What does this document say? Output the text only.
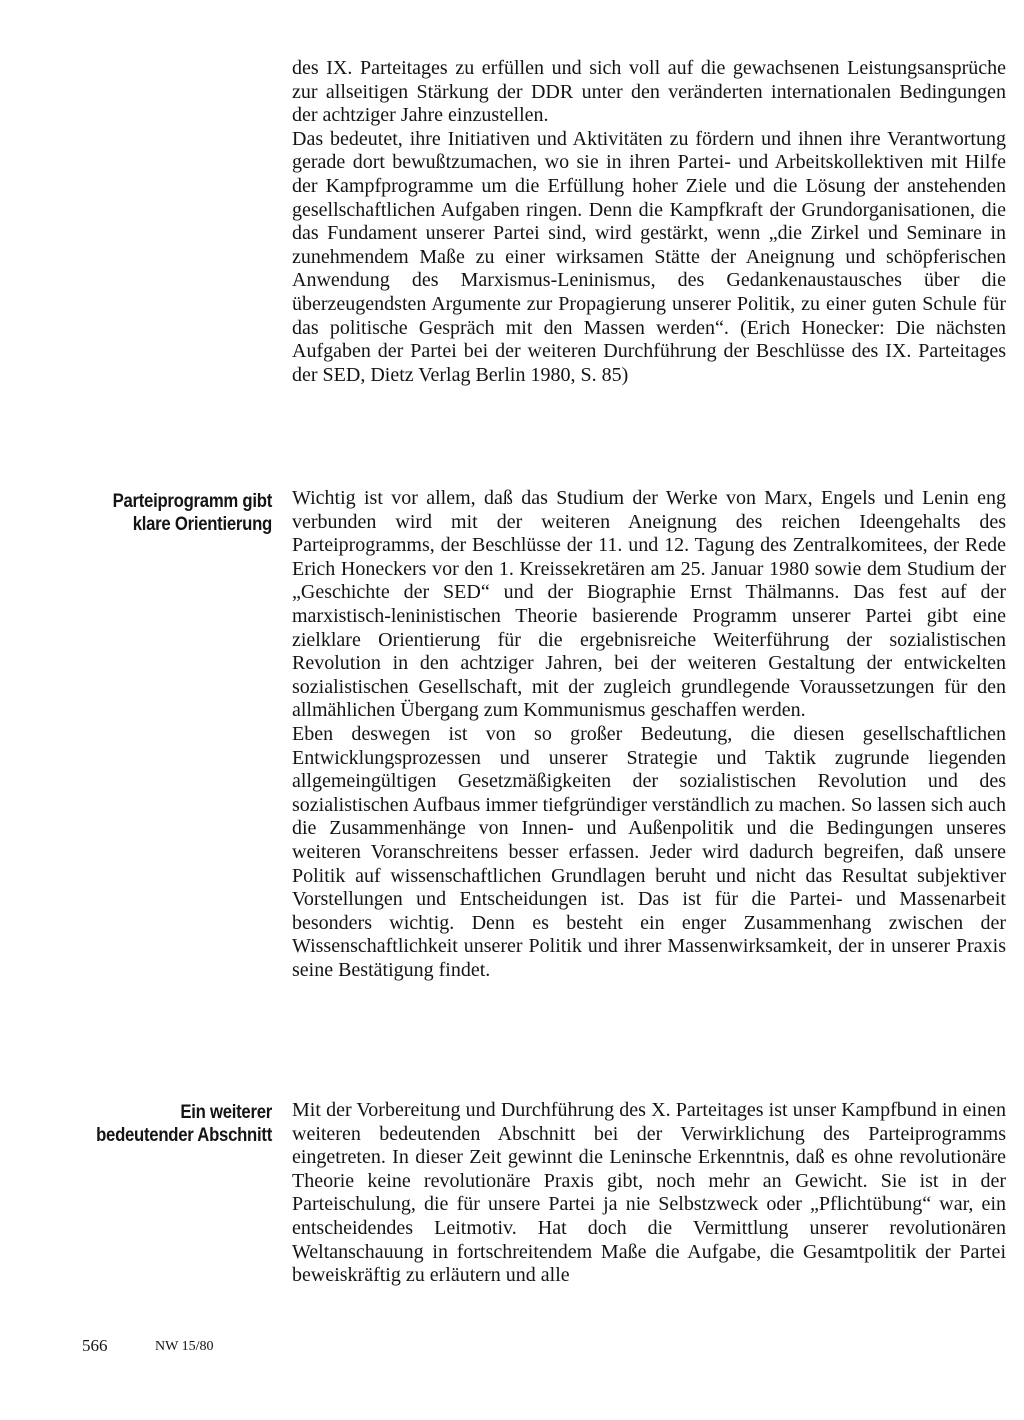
des IX. Parteitages zu erfüllen und sich voll auf die gewachsenen Leistungsansprüche zur allseitigen Stärkung der DDR unter den veränderten internationalen Bedingungen der achtziger Jahre einzustellen.

Das bedeutet, ihre Initiativen und Aktivitäten zu fördern und ihnen ihre Verantwortung gerade dort bewußtzumachen, wo sie in ihren Partei- und Arbeitskollektiven mit Hilfe der Kampfprogramme um die Erfüllung hoher Ziele und die Lösung der anstehenden gesellschaftlichen Aufgaben ringen. Denn die Kampfkraft der Grundorganisationen, die das Fundament unserer Partei sind, wird gestärkt, wenn „die Zirkel und Seminare in zunehmendem Maße zu einer wirksamen Stätte der Aneignung und schöpferischen Anwendung des Marxismus-Leninismus, des Gedankenaustausches über die überzeugendsten Argumente zur Propagierung unserer Politik, zu einer guten Schule für das politische Gespräch mit den Massen werden“. (Erich Honecker: Die nächsten Aufgaben der Partei bei der weiteren Durchführung der Beschlüsse des IX. Parteitages der SED, Dietz Verlag Berlin 1980, S. 85)

Parteiprogramm gibt klare Orientierung

Wichtig ist vor allem, daß das Studium der Werke von Marx, Engels und Lenin eng verbunden wird mit der weiteren Aneignung des reichen Ideengehalts des Parteiprogramms, der Beschlüsse der 11. und 12. Tagung des Zentralkomitees, der Rede Erich Honeckers vor den 1. Kreissekretären am 25. Januar 1980 sowie dem Studium der „Geschichte der SED“ und der Biographie Ernst Thälmanns. Das fest auf der marxistisch-leninistischen Theorie basierende Programm unserer Partei gibt eine zielklare Orientierung für die ergebnisreiche Weiterführung der sozialistischen Revolution in den achtziger Jahren, bei der weiteren Gestaltung der entwickelten sozialistischen Gesellschaft, mit der zugleich grundlegende Voraussetzungen für den allmählichen Übergang zum Kommunismus geschaffen werden.

Eben deswegen ist von so großer Bedeutung, die diesen gesellschaftlichen Entwicklungsprozessen und unserer Strategie und Taktik zugrunde liegenden allgemeingültigen Gesetzmäßigkeiten der sozialistischen Revolution und des sozialistischen Aufbaus immer tiefgründiger verständlich zu machen. So lassen sich auch die Zusammenhänge von Innen- und Außenpolitik und die Bedingungen unseres weiteren Voranschreitens besser erfassen. Jeder wird dadurch begreifen, daß unsere Politik auf wissenschaftlichen Grundlagen beruht und nicht das Resultat subjektiver Vorstellungen und Entscheidungen ist. Das ist für die Partei- und Massenarbeit besonders wichtig. Denn es besteht ein enger Zusammenhang zwischen der Wissenschaftlichkeit unserer Politik und ihrer Massenwirksamkeit, der in unserer Praxis seine Bestätigung findet.

Ein weiterer bedeutender Abschnitt

Mit der Vorbereitung und Durchführung des X. Parteitages ist unser Kampfbund in einen weiteren bedeutenden Abschnitt bei der Verwirklichung des Parteiprogramms eingetreten. In dieser Zeit gewinnt die Leninsche Erkenntnis, daß es ohne revolutionäre Theorie keine revolutionäre Praxis gibt, noch mehr an Gewicht. Sie ist in der Parteischulung, die für unsere Partei ja nie Selbstzweck oder „Pflichtübung“ war, ein entscheidendes Leitmotiv. Hat doch die Vermittlung unserer revolutionären Weltanschauung in fortschreitendem Maße die Aufgabe, die Gesamtpolitik der Partei beweiskräftig zu erläutern und alle

566	NW 15/80
